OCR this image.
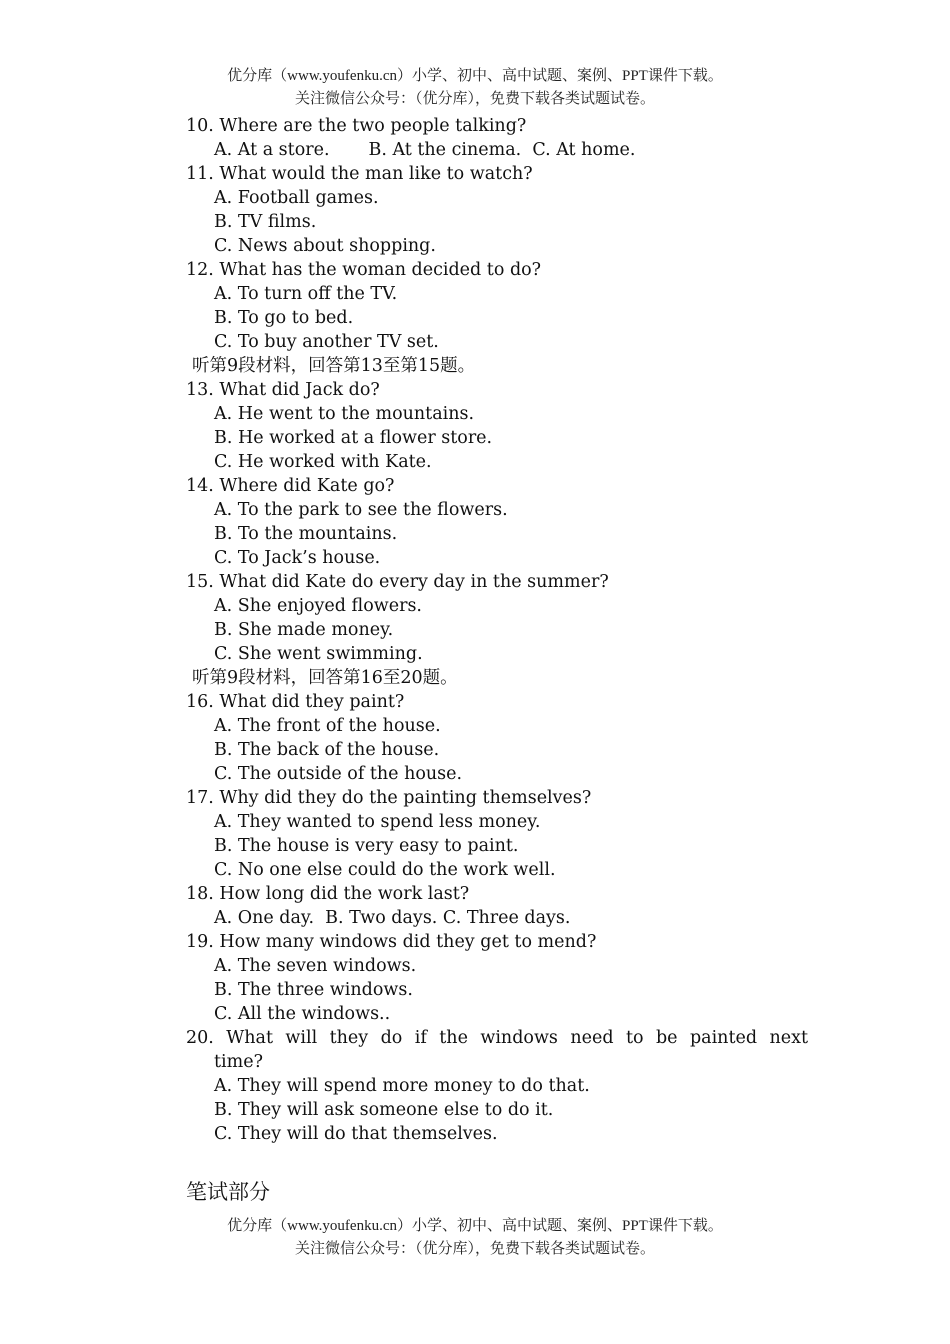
优分库（www.youfenku.cn）小学、初中、高中试题、案例、PPT课件下载。
关注微信公众号：（优分库），免费下载各类试题试卷。
10. Where are the two people talking?
A. At a store.       B. At the cinema.  C. At home.
11. What would the man like to watch?
A. Football games.
B. TV films.
C. News about shopping.
12. What has the woman decided to do?
A. To turn off the TV.
B. To go to bed.
C. To buy another TV set.
听第9段材料，回答第13至第15题。
13. What did Jack do?
A. He went to the mountains.
B. He worked at a flower store.
C. He worked with Kate.
14. Where did Kate go?
A. To the park to see the flowers.
B. To the mountains.
C. To Jack’s house.
15. What did Kate do every day in the summer?
A. She enjoyed flowers.
B. She made money.
C. She went swimming.
听第9段材料，回答第16至20题。
16. What did they paint?
A. The front of the house.
B. The back of the house.
C. The outside of the house.
17. Why did they do the painting themselves?
A. They wanted to spend less money.
B. The house is very easy to paint.
C. No one else could do the work well.
18. How long did the work last?
A. One day.  B. Two days. C. Three days.
19. How many windows did they get to mend?
A. The seven windows.
B. The three windows.
C. All the windows..
20. What will they do if the windows need to be painted next
time?
A. They will spend more money to do that.
B. They will ask someone else to do it.
C. They will do that themselves.
笔试部分
优分库（www.youfenku.cn）小学、初中、高中试题、案例、PPT课件下载。
关注微信公众号：（优分库），免费下载各类试题试卷。
